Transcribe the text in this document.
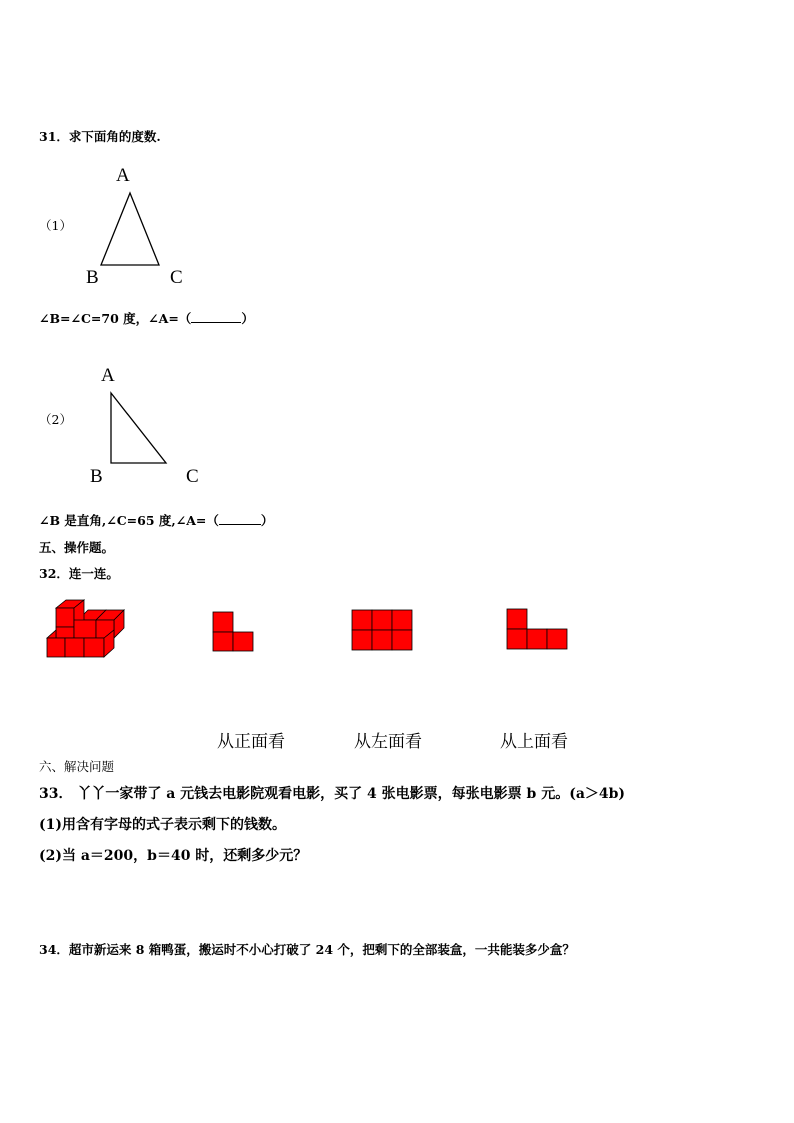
31．求下面角的度数.
A
（1）
B	C
∠B=∠C=70 度，∠A=（	）
A
（2）
B	C
∠B 是直角,∠C=65 度,∠A=（	）
五、操作题。
32．连一连。
从正面看	从左面看	从上面看
六、解决问题
33． 丫丫一家带了 a 元钱去电影院观看电影，买了 4 张电影票，每张电影票 b 元。(a＞4b)
(1)用含有字母的式子表示剩下的钱数。
(2)当 a＝200，b＝40 时，还剩多少元？
34．超市新运来 8 箱鸭蛋，搬运时不小心打破了 24 个，把剩下的全部装盒，一共能装多少盒？
